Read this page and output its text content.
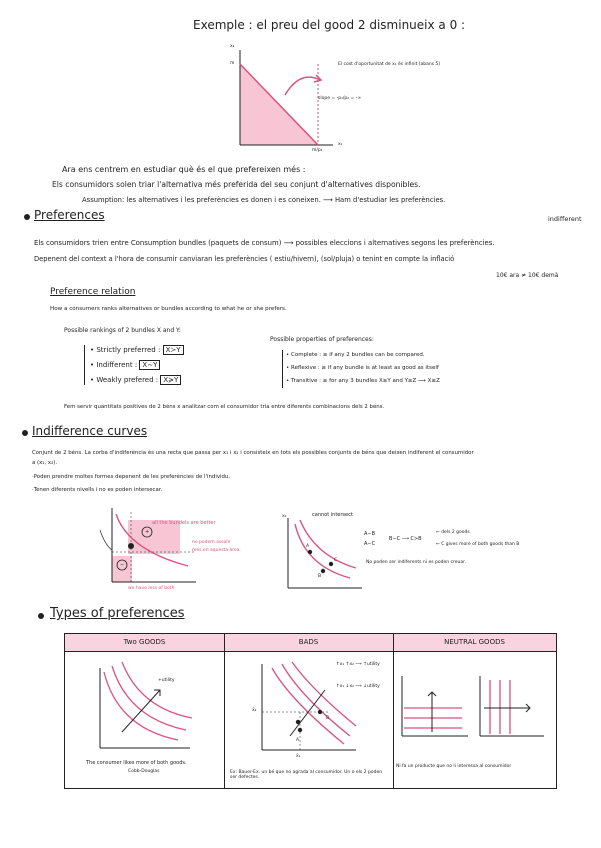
Exemple : el preu del good 2 disminueix a 0 :
x₂
m
m/p₁
x₁
El cost d'oportunitat de x₁ és infinit (abans 5)
slope = -p₁/p₂ = -∞
Ara ens centrem en estudiar què és el que prefereixen més :
Els consumidors solen triar l'alternativa més preferida del seu conjunt d'alternatives disponibles.
Assumption: les alternatives i les preferències es donen i es coneixen. ⟶ Ham d'estudiar les preferències.
indifferent
Preferences
Els consumidors trien entre Consumption bundles (paquets de consum) ⟶ possibles eleccions i alternatives segons les preferències.
Depenent del context a l'hora de consumir canviaran les preferències ( estiu/hivern), (sol/pluja) o tenint en compte la inflació
10€ ara ≠ 10€ demà
Preference relation
How a consumers ranks alternatives or bundles according to what he or she prefers.
Possible rankings of 2 bundles X and Y:
• Strictly preferred : X≻Y
• Indifferent : X∼Y
• Weakly prefered : X≽Y
Possible properties of preferences:
• Complete : ≥ if any 2 bundles can be compared.
• Reflexive : ≥ if any bundle is at least as good as itself
• Transitive : ≥ for any 3 bundles X≥Y and Y≥Z ⟶ X≥Z
Fem servir quantitats positives de 2 béns x analitzar com el consumidor tria entre diferents combinacions dels 2 béns.
Indifference curves
Conjunt de 2 béns. La corba d'indiferència és una recta que passa per x₁ i x₂ i consisteix en tots els possibles conjunts de béns que deixen indiferent el consumidor
a (x₁, x₂).
·Poden prendre moltes formes depenent de les preferències de l'individu.
·Tenen diferents nivells i no es poden intersecar.
+
−
all the bundels are better
no podem assolir
més en aquesta àrea.
we have less of both
x₂
A
B
C
cannot intersect
A∼B
A∼C
B∼C ⟶ C≻B
← dels 2 goods
← C gives more of both goods than B
No poden ser indiferents ni es poden creuar.
Types of preferences
Two GOODS	BADS	NEUTRAL GOODS
+utility
The consumer likes more of both goods.
Cobb-Douglas
↑x₁ ↑x₂ ⟶ ↑utility
↑x₁ ↓x₂ ⟶ ↓utility
x̄₂
x̄₁
A
B
Ex: Bauer-Ex. un bé que no agrada al consumidor. Un o els 2 poden ser defectes.
Ni fa un producte que no li interessa al consumidor
